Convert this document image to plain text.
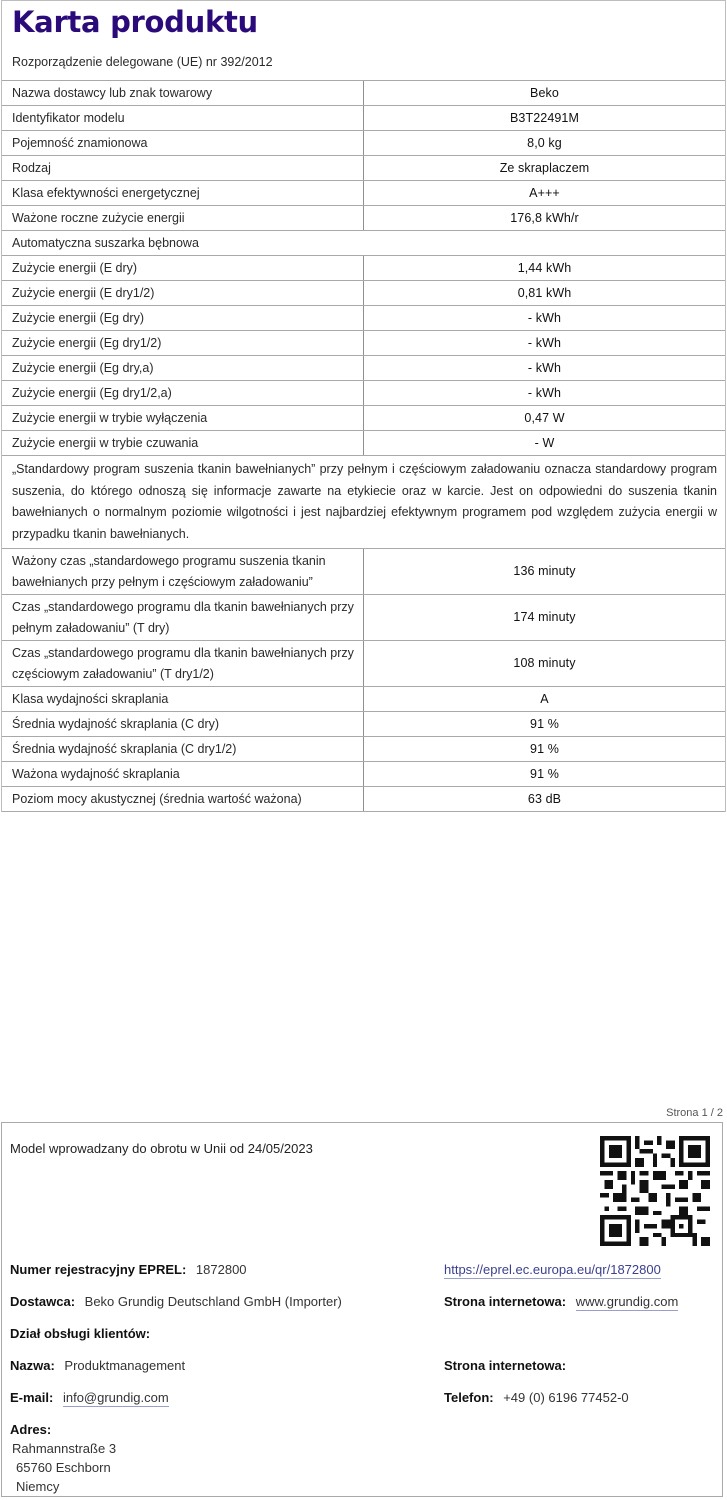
Karta produktu
Rozporządzenie delegowane (UE) nr 392/2012
Nazwa dostawcy lub znak towarowy	Beko
Identyfikator modelu	B3T22491M
Pojemność znamionowa	8,0 kg
Rodzaj	Ze skraplaczem
Klasa efektywności energetycznej	A+++
Ważone roczne zużycie energii	176,8 kWh/r
Automatyczna suszarka bębnowa	
Zużycie energii (E dry)	1,44 kWh
Zużycie energii (E dry1/2)	0,81 kWh
Zużycie energii (Eg dry)	- kWh
Zużycie energii (Eg dry1/2)	- kWh
Zużycie energii (Eg dry,a)	- kWh
Zużycie energii (Eg dry1/2,a)	- kWh
Zużycie energii w trybie wyłączenia	0,47 W
Zużycie energii w trybie czuwania	- W
„Standardowy program suszenia tkanin bawełnianych” przy pełnym i częściowym załadowaniu oznacza standardowy program suszenia, do którego odnoszą się informacje zawarte na etykiecie oraz w karcie. Jest on odpowiedni do suszenia tkanin bawełnianych o normalnym poziomie wilgotności i jest najbardziej efektywnym programem pod względem zużycia energii w przypadku tkanin bawełnianych.	
Ważony czas „standardowego programu suszenia tkanin bawełnianych przy pełnym i częściowym załadowaniu”	136 minuty
Czas „standardowego programu dla tkanin bawełnianych przy pełnym załadowaniu” (T dry)	174 minuty
Czas „standardowego programu dla tkanin bawełnianych przy częściowym załadowaniu” (T dry1/2)	108 minuty
Klasa wydajności skraplania	A
Średnia wydajność skraplania (C dry)	91 %
Średnia wydajność skraplania (C dry1/2)	91 %
Ważona wydajność skraplania	91 %
Poziom mocy akustycznej (średnia wartość ważona)	63 dB
Strona 1 / 2
Model wprowadzany do obrotu w Unii od 24/05/2023
Numer rejestracyjny EPREL: 1872800	https://eprel.ec.europa.eu/qr/1872800
Dostawca: Beko Grundig Deutschland GmbH (Importer)	Strona internetowa: www.grundig.com
Dział obsługi klientów:
Nazwa: Produktmanagement	Strona internetowa:
E-mail: info@grundig.com	Telefon: +49 (0) 6196 77452-0
Adres:
Rahmannstraße 3
65760 Eschborn
Niemcy
